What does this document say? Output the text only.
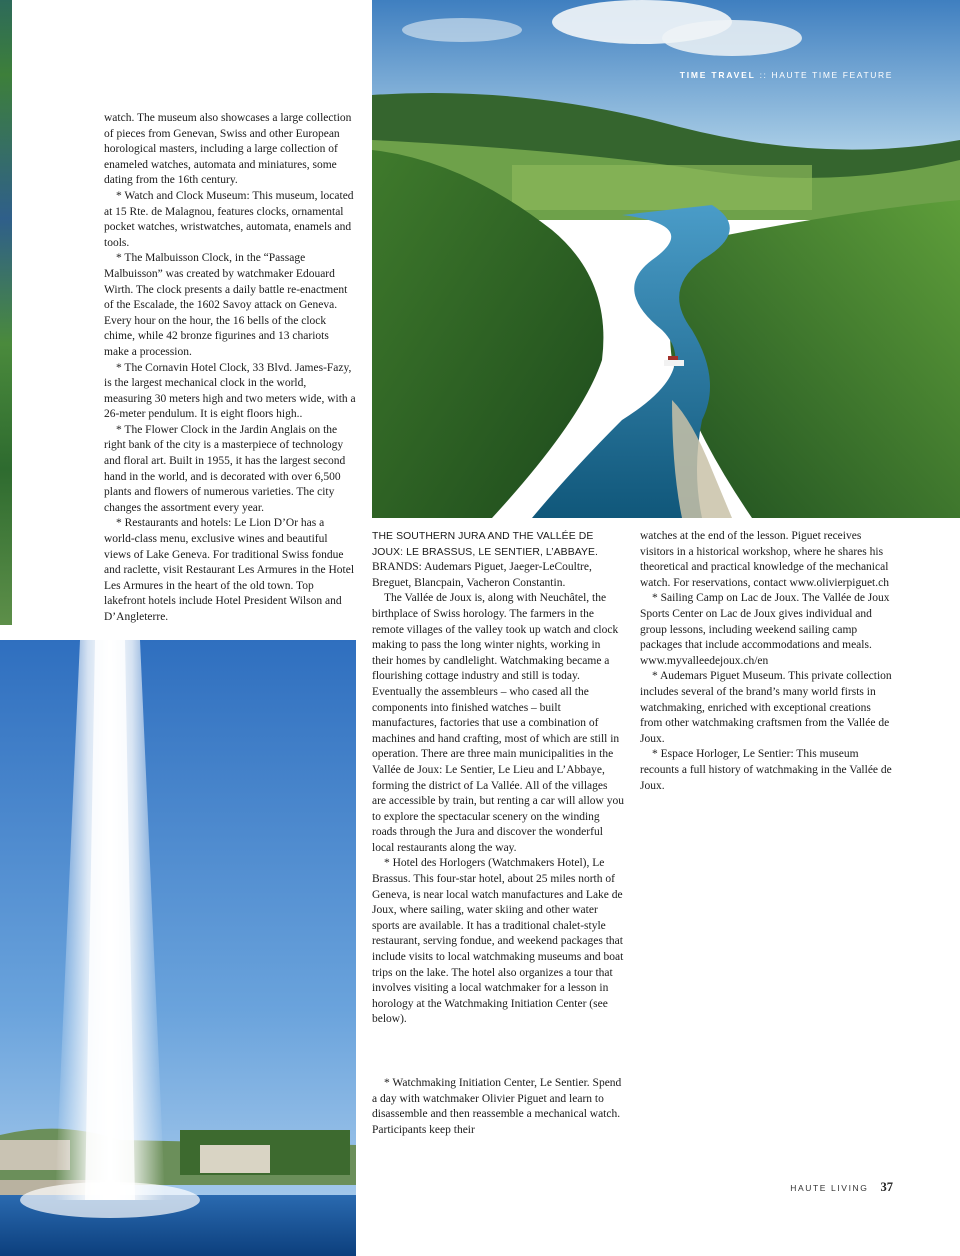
TIME TRAVEL :: HAUTE TIME FEATURE

watch. The museum also showcases a large collection of pieces from Genevan, Swiss and other European horological masters, including a large collection of enameled watches, automata and miniatures, some dating from the 16th century.

* Watch and Clock Museum: This museum, located at 15 Rte. de Malagnou, features clocks, ornamental pocket watches, wristwatches, automata, enamels and tools.

* The Malbuisson Clock, in the “Passage Malbuisson” was created by watchmaker Edouard Wirth. The clock presents a daily battle re-enactment of the Escalade, the 1602 Savoy attack on Geneva. Every hour on the hour, the 16 bells of the clock chime, while 42 bronze figurines and 13 chariots make a procession.

* The Cornavin Hotel Clock, 33 Blvd. James-Fazy, is the largest mechanical clock in the world, measuring 30 meters high and two meters wide, with a 26-meter pendulum. It is eight floors high..

* The Flower Clock in the Jardin Anglais on the right bank of the city is a masterpiece of technology and floral art. Built in 1955, it has the largest second hand in the world, and is decorated with over 6,500 plants and flowers of numerous varieties. The city changes the assortment every year.

* Restaurants and hotels: Le Lion D’Or has a world-class menu, exclusive wines and beautiful views of Lake Geneva. For traditional Swiss fondue and raclette, visit Restaurant Les Armures in the Hotel Les Armures in the heart of the old town. Top lakefront hotels include Hotel President Wilson and D’Angleterre.

THE SOUTHERN JURA AND THE VALLÉE DE JOUX: LE BRASSUS, LE SENTIER, L’ABBAYE.

BRANDS: Audemars Piguet, Jaeger-LeCoultre, Breguet, Blancpain, Vacheron Constantin.

The Vallée de Joux is, along with Neuchâtel, the birthplace of Swiss horology. The farmers in the remote villages of the valley took up watch and clock making to pass the long winter nights, working in their homes by candlelight. Watchmaking became a flourishing cottage industry and still is today. Eventually the assembleurs – who cased all the components into finished watches – built manufactures, factories that use a combination of machines and hand crafting, most of which are still in operation. There are three main municipalities in the Vallée de Joux: Le Sentier, Le Lieu and L’Abbaye, forming the district of La Vallée. All of the villages are accessible by train, but renting a car will allow you to explore the spectacular scenery on the winding roads through the Jura and discover the wonderful local restaurants along the way.

* Hotel des Horlogers (Watchmakers Hotel), Le Brassus. This four-star hotel, about 25 miles north of Geneva, is near local watch manufactures and Lake de Joux, where sailing, water skiing and other water sports are available. It has a traditional chalet-style restaurant, serving fondue, and weekend packages that include visits to local watchmaking museums and boat trips on the lake. The hotel also organizes a tour that involves visiting a local watchmaker for a lesson in horology at the Watchmaking Initiation Center (see below).

* Watchmaking Initiation Center, Le Sentier. Spend a day with watchmaker Olivier Piguet and learn to disassemble and then reassemble a mechanical watch. Participants keep their

watches at the end of the lesson. Piguet receives visitors in a historical workshop, where he shares his theoretical and practical knowledge of the mechanical watch. For reservations, contact www.olivierpiguet.ch

* Sailing Camp on Lac de Joux. The Vallée de Joux Sports Center on Lac de Joux gives individual and group lessons, including weekend sailing camp packages that include accommodations and meals. www.myvalleedejoux.ch/en

* Audemars Piguet Museum. This private collection includes several of the brand’s many world firsts in watchmaking, enriched with exceptional creations from other watchmaking craftsmen from the Vallée de Joux.

* Espace Horloger, Le Sentier: This museum recounts a full history of watchmaking in the Vallée de Joux.

HAUTE LIVING 37
